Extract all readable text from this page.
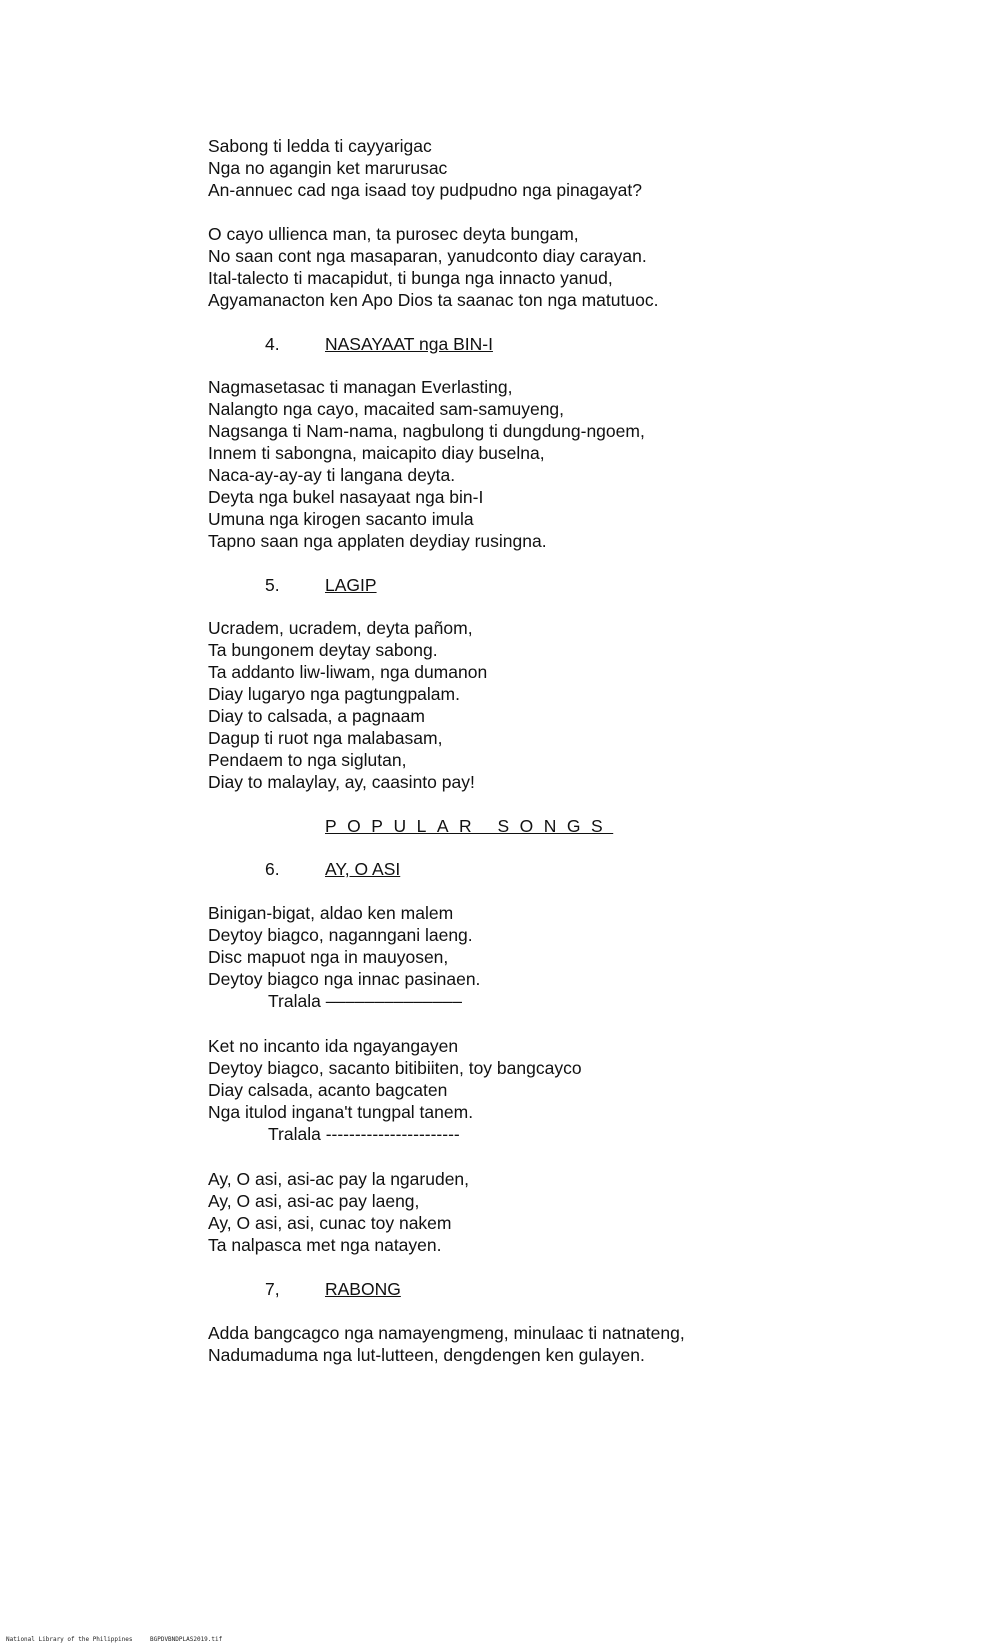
Sabong ti ledda ti cayyarigac
Nga no agangin ket marurusac
An-annuec cad nga isaad toy pudpudno nga pinagayat?
O cayo ullienca man, ta purosec deyta bungam,
No saan cont nga masaparan, yanudconto diay carayan.
Ital-talecto ti macapidut, ti bunga nga innacto yanud,
Agyamanacton ken Apo Dios ta saanac ton nga matutuoc.
4.	NASAYAAT nga BIN-I
Nagmasetasac ti managan Everlasting,
Nalangto nga cayo, macaited sam-samuyeng,
Nagsanga ti Nam-nama, nagbulong ti dungdung-ngoem,
Innem ti sabongna, maicapito diay buselna,
Naca-ay-ay-ay ti langana deyta.
Deyta nga bukel nasayaat nga bin-I
Umuna nga kirogen sacanto imula
Tapno saan nga applaten deydiay rusingna.
5.	LAGIP
Ucradem, ucradem, deyta pañom,
Ta bungonem deytay sabong.
Ta addanto liw-liwam, nga dumanon
Diay lugaryo nga pagtungpalam.
Diay to calsada, a pagnaam
Dagup ti ruot nga malabasam,
Pendaem to nga siglutan,
Diay to malaylay, ay, caasinto pay!
POPULAR SONGS
6.	AY, O ASI
Binigan-bigat, aldao ken malem
Deytoy biagco, naganngani laeng.
Disc mapuot nga in mauyosen,
Deytoy biagco nga innac pasinaen.
Tralala ––––––––––––––
Ket no incanto ida ngayangayen
Deytoy biagco, sacanto bitibiiten, toy bangcayco
Diay calsada, acanto bagcaten
Nga itulod ingana't tungpal tanem.
Tralala -----------------------
Ay, O asi, asi-ac pay la ngaruden,
Ay, O asi, asi-ac pay laeng,
Ay, O asi, asi, cunac toy nakem
Ta nalpasca met nga natayen.
7,	RABONG
Adda bangcagco nga namayengmeng, minulaac ti natnateng,
Nadumaduma nga lut-lutteen, dengdengen ken gulayen.
National Library of the Philippines	BGPDVBNDPLAS2019.tif
